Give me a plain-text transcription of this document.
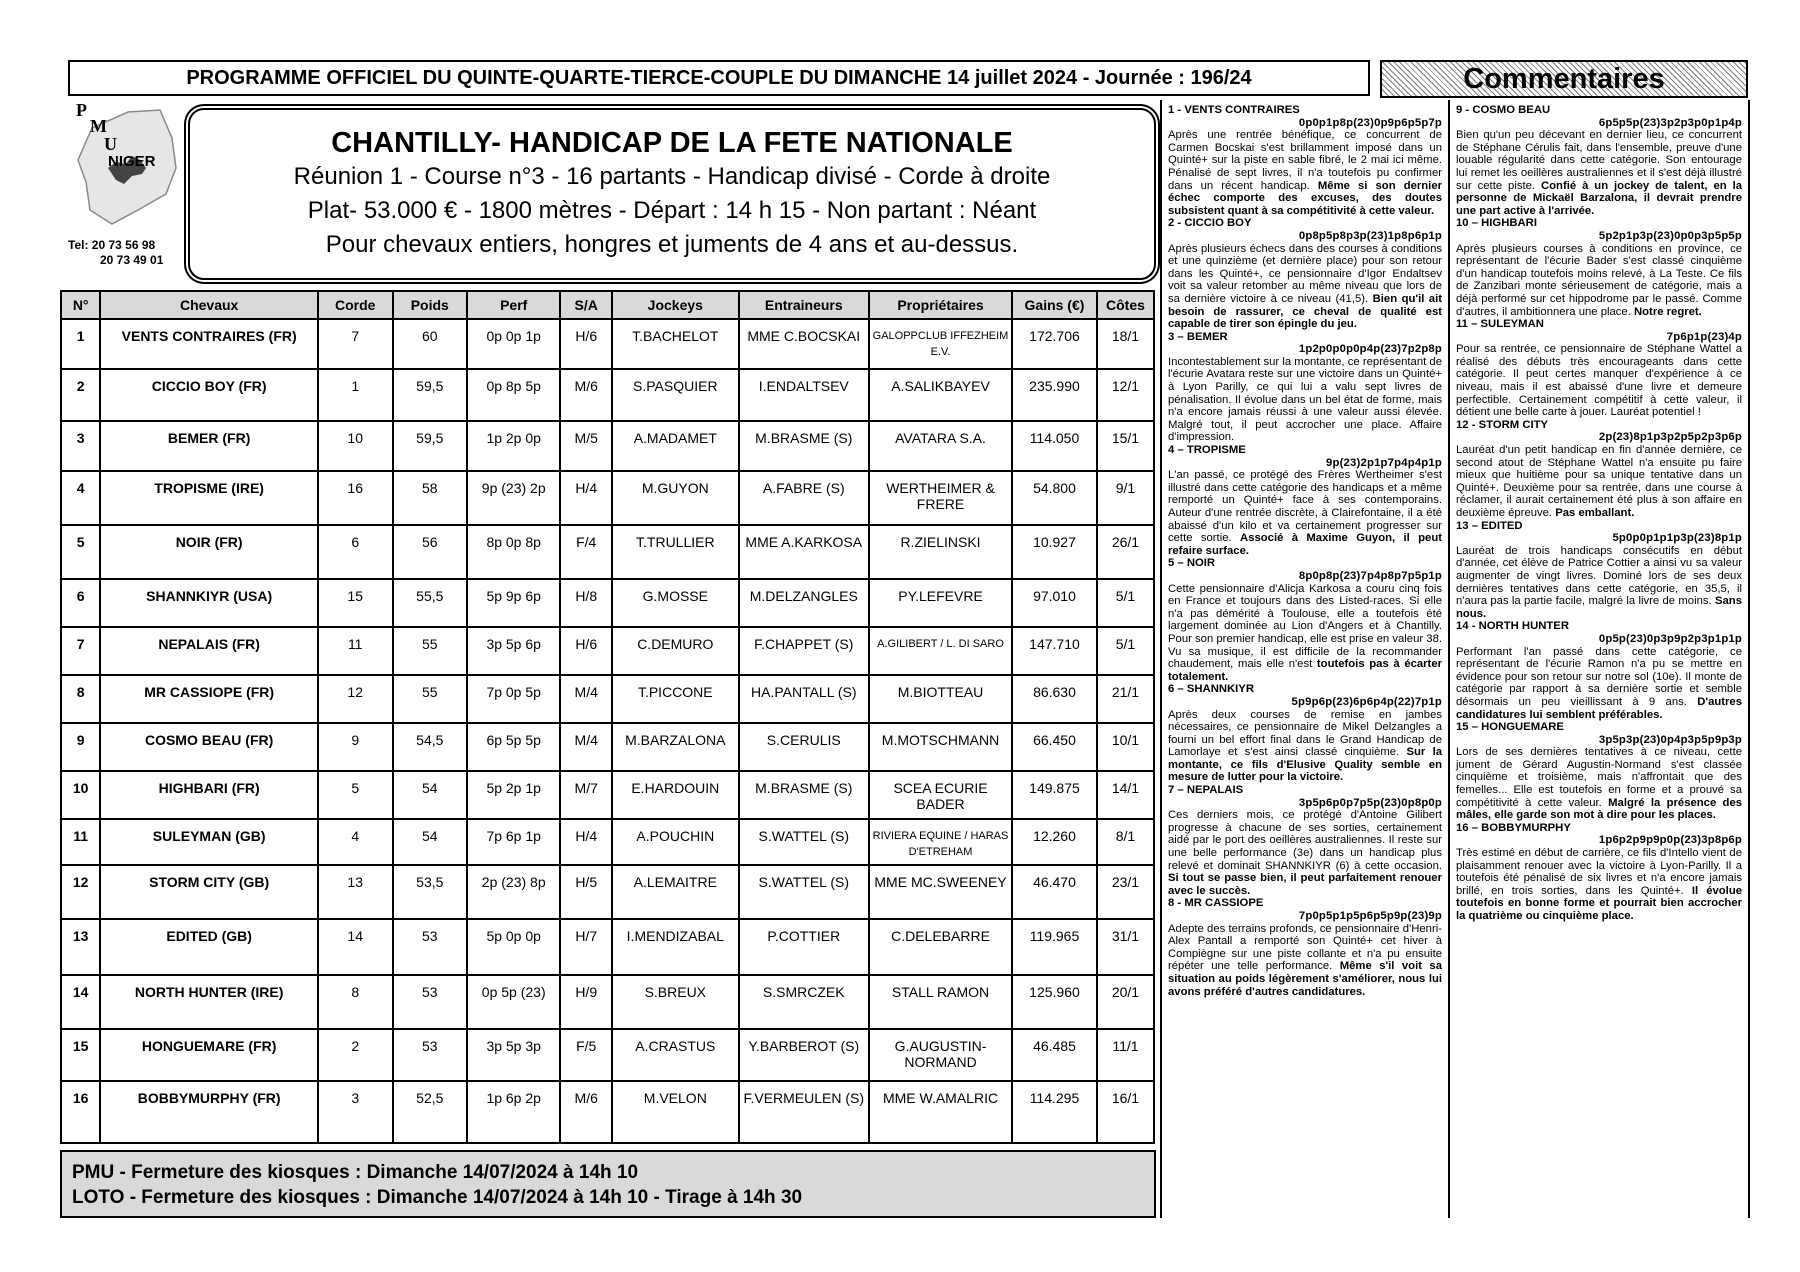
PROGRAMME OFFICIEL DU QUINTE-QUARTE-TIERCE-COUPLE DU DIMANCHE 14 juillet 2024 - Journée : 196/24	Commentaires
P
M
U
NIGER
Tel: 20 73 56 98
20 73 49 01
CHANTILLY- HANDICAP DE LA FETE NATIONALE
Réunion 1 - Course n°3 - 16 partants - Handicap divisé - Corde à droite
Plat- 53.000 € - 1800 mètres - Départ : 14 h 15 - Non partant : Néant
Pour chevaux entiers, hongres et juments de 4 ans et au-dessus.
N°	Chevaux	Corde	Poids	Perf	S/A	Jockeys	Entraineurs	Propriétaires	Gains (€)	Côtes
1	VENTS CONTRAIRES (FR)	7	60	0p 0p 1p	H/6	T.BACHELOT	MME C.BOCSKAI	GALOPPCLUB IFFEZHEIM E.V.	172.706	18/1
2	CICCIO BOY (FR)	1	59,5	0p 8p 5p	M/6	S.PASQUIER	I.ENDALTSEV	A.SALIKBAYEV	235.990	12/1
3	BEMER (FR)	10	59,5	1p 2p 0p	M/5	A.MADAMET	M.BRASME (S)	AVATARA S.A.	114.050	15/1
4	TROPISME (IRE)	16	58	9p (23) 2p	H/4	M.GUYON	A.FABRE (S)	WERTHEIMER & FRERE	54.800	9/1
5	NOIR (FR)	6	56	8p 0p 8p	F/4	T.TRULLIER	MME A.KARKOSA	R.ZIELINSKI	10.927	26/1
6	SHANNKIYR (USA)	15	55,5	5p 9p 6p	H/8	G.MOSSE	M.DELZANGLES	PY.LEFEVRE	97.010	5/1
7	NEPALAIS (FR)	11	55	3p 5p 6p	H/6	C.DEMURO	F.CHAPPET (S)	A.GILIBERT / L. DI SARO	147.710	5/1
8	MR CASSIOPE (FR)	12	55	7p 0p 5p	M/4	T.PICCONE	HA.PANTALL (S)	M.BIOTTEAU	86.630	21/1
9	COSMO BEAU (FR)	9	54,5	6p 5p 5p	M/4	M.BARZALONA	S.CERULIS	M.MOTSCHMANN	66.450	10/1
10	HIGHBARI (FR)	5	54	5p 2p 1p	M/7	E.HARDOUIN	M.BRASME (S)	SCEA ECURIE BADER	149.875	14/1
11	SULEYMAN (GB)	4	54	7p 6p 1p	H/4	A.POUCHIN	S.WATTEL (S)	RIVIERA EQUINE / HARAS D'ETREHAM	12.260	8/1
12	STORM CITY (GB)	13	53,5	2p (23) 8p	H/5	A.LEMAITRE	S.WATTEL (S)	MME MC.SWEENEY	46.470	23/1
13	EDITED (GB)	14	53	5p 0p 0p	H/7	I.MENDIZABAL	P.COTTIER	C.DELEBARRE	119.965	31/1
14	NORTH HUNTER (IRE)	8	53	0p 5p (23)	H/9	S.BREUX	S.SMRCZEK	STALL RAMON	125.960	20/1
15	HONGUEMARE (FR)	2	53	3p 5p 3p	F/5	A.CRASTUS	Y.BARBEROT (S)	G.AUGUSTIN-NORMAND	46.485	11/1
16	BOBBYMURPHY (FR)	3	52,5	1p 6p 2p	M/6	M.VELON	F.VERMEULEN (S)	MME W.AMALRIC	114.295	16/1
PMU - Fermeture des kiosques : Dimanche 14/07/2024 à 14h 10
LOTO - Fermeture des kiosques : Dimanche 14/07/2024 à 14h 10 - Tirage à 14h 30
1 - VENTS CONTRAIRES
0p0p1p8p(23)0p9p6p5p7p
Après une rentrée bénéfique, ce concurrent de Carmen Bocskai s'est brillamment imposé dans un Quinté+ sur la piste en sable fibré, le 2 mai ici même. Pénalisé de sept livres, il n'a toutefois pu confirmer dans un récent handicap. Même si son dernier échec comporte des excuses, des doutes subsistent quant à sa compétitivité à cette valeur.
2 - CICCIO BOY
0p8p5p8p3p(23)1p8p6p1p
Après plusieurs échecs dans des courses à conditions et une quinzième (et dernière place) pour son retour dans les Quinté+, ce pensionnaire d'Igor Endaltsev voit sa valeur retomber au même niveau que lors de sa dernière victoire à ce niveau (41,5). Bien qu'il ait besoin de rassurer, ce cheval de qualité est capable de tirer son épingle du jeu.
3 – BEMER
1p2p0p0p0p4p(23)7p2p8p
Incontestablement sur la montante, ce représentant de l'écurie Avatara reste sur une victoire dans un Quinté+ à Lyon Parilly, ce qui lui a valu sept livres de pénalisation. Il évolue dans un bel état de forme, mais n'a encore jamais réussi à une valeur aussi élevée. Malgré tout, il peut accrocher une place. Affaire d'impression.
4 – TROPISME
9p(23)2p1p7p4p4p1p
L'an passé, ce protégé des Frères Wertheimer s'est illustré dans cette catégorie des handicaps et a même remporté un Quinté+ face à ses contemporains. Auteur d'une rentrée discrète, à Clairefontaine, il a été abaissé d'un kilo et va certainement progresser sur cette sortie. Associé à Maxime Guyon, il peut refaire surface.
5 – NOIR
8p0p8p(23)7p4p8p7p5p1p
Cette pensionnaire d'Alicja Karkosa a couru cinq fois en France et toujours dans des Listed-races. Si elle n'a pas démérité à Toulouse, elle a toutefois été largement dominée au Lion d'Angers et à Chantilly. Pour son premier handicap, elle est prise en valeur 38. Vu sa musique, il est difficile de la recommander chaudement, mais elle n'est toutefois pas à écarter totalement.
6 – SHANNKIYR
5p9p6p(23)6p6p4p(22)7p1p
Après deux courses de remise en jambes nécessaires, ce pensionnaire de Mikel Delzangles a fourni un bel effort final dans le Grand Handicap de Lamorlaye et s'est ainsi classé cinquième. Sur la montante, ce fils d'Elusive Quality semble en mesure de lutter pour la victoire.
7 – NEPALAIS
3p5p6p0p7p5p(23)0p8p0p
Ces derniers mois, ce protégé d'Antoine Gilibert progresse à chacune de ses sorties, certainement aidé par le port des oeillères australiennes. Il reste sur une belle performance (3e) dans un handicap plus relevé et dominait SHANNKIYR (6) à cette occasion. Si tout se passe bien, il peut parfaitement renouer avec le succès.
8 - MR CASSIOPE
7p0p5p1p5p6p5p9p(23)9p
Adepte des terrains profonds, ce pensionnaire d'Henri-Alex Pantall a remporté son Quinté+ cet hiver à Compiègne sur une piste collante et n'a pu ensuite répéter une telle performance. Même s'il voit sa situation au poids légèrement s'améliorer, nous lui avons préféré d'autres candidatures.
9 - COSMO BEAU
6p5p5p(23)3p2p3p0p1p4p
Bien qu'un peu décevant en dernier lieu, ce concurrent de Stéphane Cérulis fait, dans l'ensemble, preuve d'une louable régularité dans cette catégorie. Son entourage lui remet les oeillères australiennes et il s'est déjà illustré sur cette piste. Confié à un jockey de talent, en la personne de Mickaël Barzalona, il devrait prendre une part active à l'arrivée.
10 – HIGHBARI
5p2p1p3p(23)0p0p3p5p5p
Après plusieurs courses à conditions en province, ce représentant de l'écurie Bader s'est classé cinquième d'un handicap toutefois moins relevé, à La Teste. Ce fils de Zanzibari monte sérieusement de catégorie, mais a déjà performé sur cet hippodrome par le passé. Comme d'autres, il ambitionnera une place. Notre regret.
11 – SULEYMAN
7p6p1p(23)4p
Pour sa rentrée, ce pensionnaire de Stéphane Wattel a réalisé des débuts très encourageants dans cette catégorie. Il peut certes manquer d'expérience à ce niveau, mais il est abaissé d'une livre et demeure perfectible. Certainement compétitif à cette valeur, il détient une belle carte à jouer. Lauréat potentiel !
12 - STORM CITY
2p(23)8p1p3p2p5p2p3p6p
Lauréat d'un petit handicap en fin d'année dernière, ce second atout de Stéphane Wattel n'a ensuite pu faire mieux que huitième pour sa unique tentative dans un Quinté+. Deuxième pour sa rentrée, dans une course à réclamer, il aurait certainement été plus à son affaire en deuxième épreuve. Pas emballant.
13 – EDITED
5p0p0p1p1p3p(23)8p1p
Lauréat de trois handicaps consécutifs en début d'année, cet élève de Patrice Cottier a ainsi vu sa valeur augmenter de vingt livres. Dominé lors de ses deux dernières tentatives dans cette catégorie, en 35,5, il n'aura pas la partie facile, malgré la livre de moins. Sans nous.
14 - NORTH HUNTER
0p5p(23)0p3p9p2p3p1p1p
Performant l'an passé dans cette catégorie, ce représentant de l'écurie Ramon n'a pu se mettre en évidence pour son retour sur notre sol (10e). Il monte de catégorie par rapport à sa dernière sortie et semble désormais un peu vieillissant à 9 ans. D'autres candidatures lui semblent préférables.
15 – HONGUEMARE
3p5p3p(23)0p4p3p5p9p3p
Lors de ses dernières tentatives à ce niveau, cette jument de Gérard Augustin-Normand s'est classée cinquième et troisième, mais n'affrontait que des femelles... Elle est toutefois en forme et a prouvé sa compétitivité à cette valeur. Malgré la présence des mâles, elle garde son mot à dire pour les places.
16 – BOBBYMURPHY
1p6p2p9p9p0p(23)3p8p6p
Très estimé en début de carrière, ce fils d'Intello vient de plaisamment renouer avec la victoire à Lyon-Parilly. Il a toutefois été pénalisé de six livres et n'a encore jamais brillé, en trois sorties, dans les Quinté+. Il évolue toutefois en bonne forme et pourrait bien accrocher la quatrième ou cinquième place.
